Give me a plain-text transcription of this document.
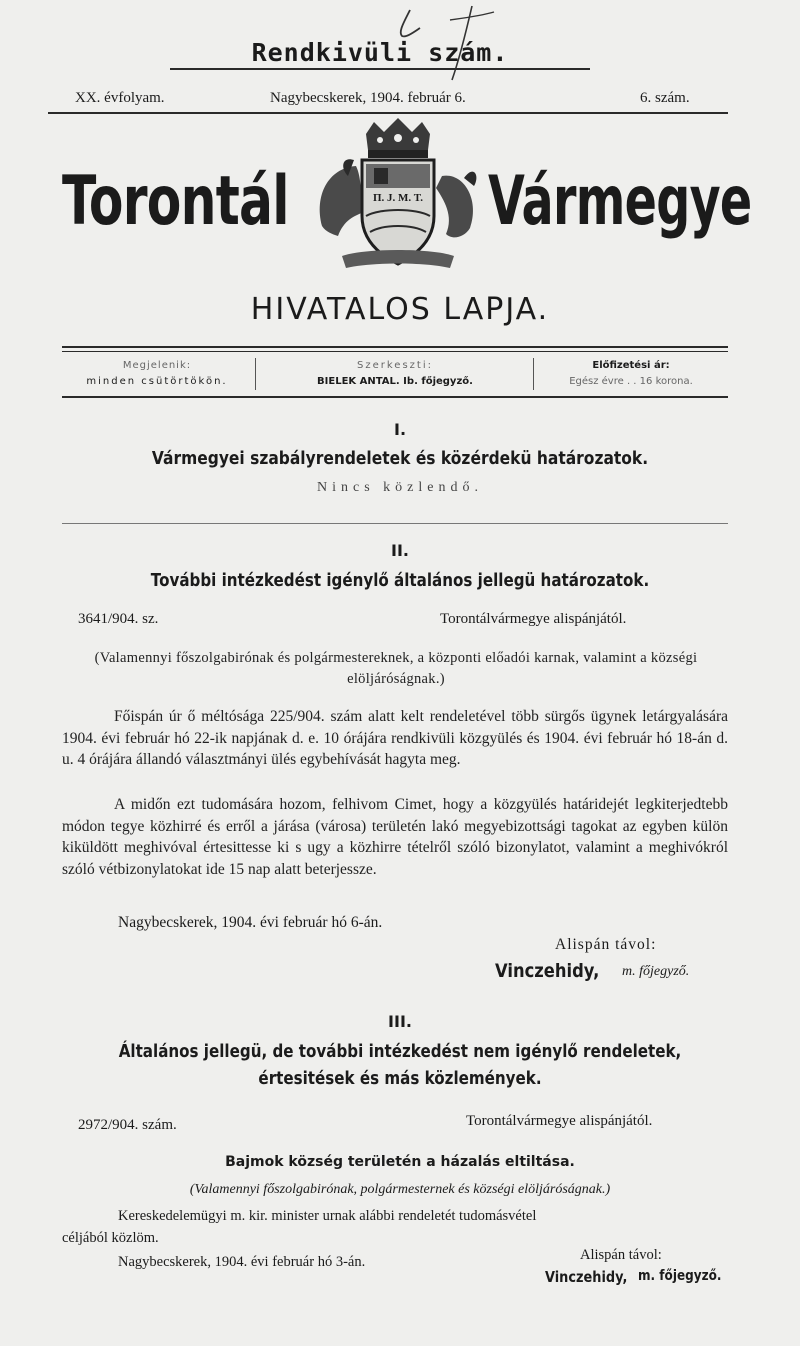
Rendkivüli szám.
XX. évfolyam.	Nagybecskerek, 1904. február 6.	6. szám.
Torontál	Vármegye
Π. J. M. T.
HIVATALOS LAPJA.
Megjelenik:
minden csütörtökön.
Szerkeszti:
BIELEK ANTAL. Ib. főjegyző.
Előfizetési ár:
Egész évre . . 16 korona.
I.
Vármegyei szabályrendeletek és közérdekü határozatok.
Nincs közlendő.
II.
További intézkedést igénylő általános jellegü határozatok.
3641/904. sz.	Torontálvármegye alispánjától.
(Valamennyi főszolgabirónak és polgármestereknek, a központi előadói karnak, valamint a községi elöljáróságnak.)
Főispán úr ő méltósága 225/904. szám alatt kelt rendeletével több sürgős ügynek letárgyalására 1904. évi február hó 22-ik napjának d. e. 10 órájára rendkivüli közgyülés és 1904. évi február hó 18-án d. u. 4 órájára állandó választmányi ülés egybehívását hagyta meg.
A midőn ezt tudomására hozom, felhivom Cimet, hogy a közgyülés határidejét legkiterjedtebb módon tegye közhirré és erről a járása (városa) területén lakó megyebizottsági tagokat az egyben külön kiküldött meghivóval értesittesse ki s ugy a közhirre tételről szóló bizonylatot, valamint a meghivókról szóló vétbizonylatokat ide 15 nap alatt beterjessze.
Nagybecskerek, 1904. évi február hó 6-án.
Alispán távol:
Vinczehidy, m. főjegyző.
III.
Általános jellegü, de további intézkedést nem igénylő rendeletek,
értesitések és más közlemények.
2972/904. szám.	Torontálvármegye alispánjától.
Bajmok község területén a házalás eltiltása.
(Valamennyi főszolgabirónak, polgármesternek és községi elöljáróságnak.)
Kereskedelemügyi m. kir. minister urnak alábbi rendeletét tudomásvétel
céljából közlöm.
Nagybecskerek, 1904. évi február hó 3-án.	Alispán távol:
Vinczehidy, m. főjegyző.
